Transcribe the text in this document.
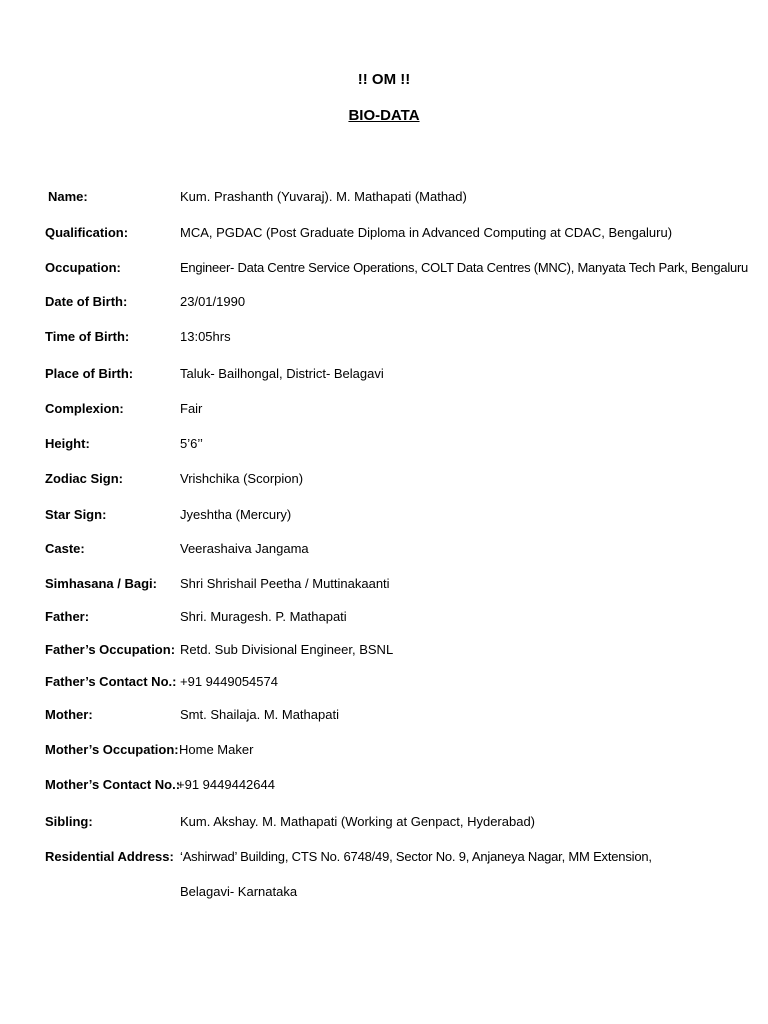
!! OM !!
BIO-DATA
Name:	Kum. Prashanth (Yuvaraj). M. Mathapati (Mathad)
Qualification:	MCA, PGDAC (Post Graduate Diploma in Advanced Computing at CDAC, Bengaluru)
Occupation:	Engineer- Data Centre Service Operations, COLT Data Centres (MNC), Manyata Tech Park, Bengaluru
Date of Birth:	23/01/1990
Time of Birth:	13:05hrs
Place of Birth:	Taluk- Bailhongal, District- Belagavi
Complexion:	Fair
Height:	5’6’’
Zodiac Sign:	Vrishchika (Scorpion)
Star Sign:	Jyeshtha (Mercury)
Caste:	Veerashaiva Jangama
Simhasana / Bagi: Shri Shrishail Peetha / Muttinakaanti
Father:	Shri. Muragesh. P. Mathapati
Father’s Occupation: Retd. Sub Divisional Engineer, BSNL
Father’s Contact No.: +91 9449054574
Mother:	Smt. Shailaja. M. Mathapati
Mother’s Occupation: Home Maker
Mother’s Contact No.:
+91 9449442644
Sibling:	Kum. Akshay. M. Mathapati (Working at Genpact, Hyderabad)
Residential Address: ‘Ashirwad’ Building, CTS No. 6748/49, Sector No. 9, Anjaneya Nagar, MM Extension,
Belagavi- Karnataka
